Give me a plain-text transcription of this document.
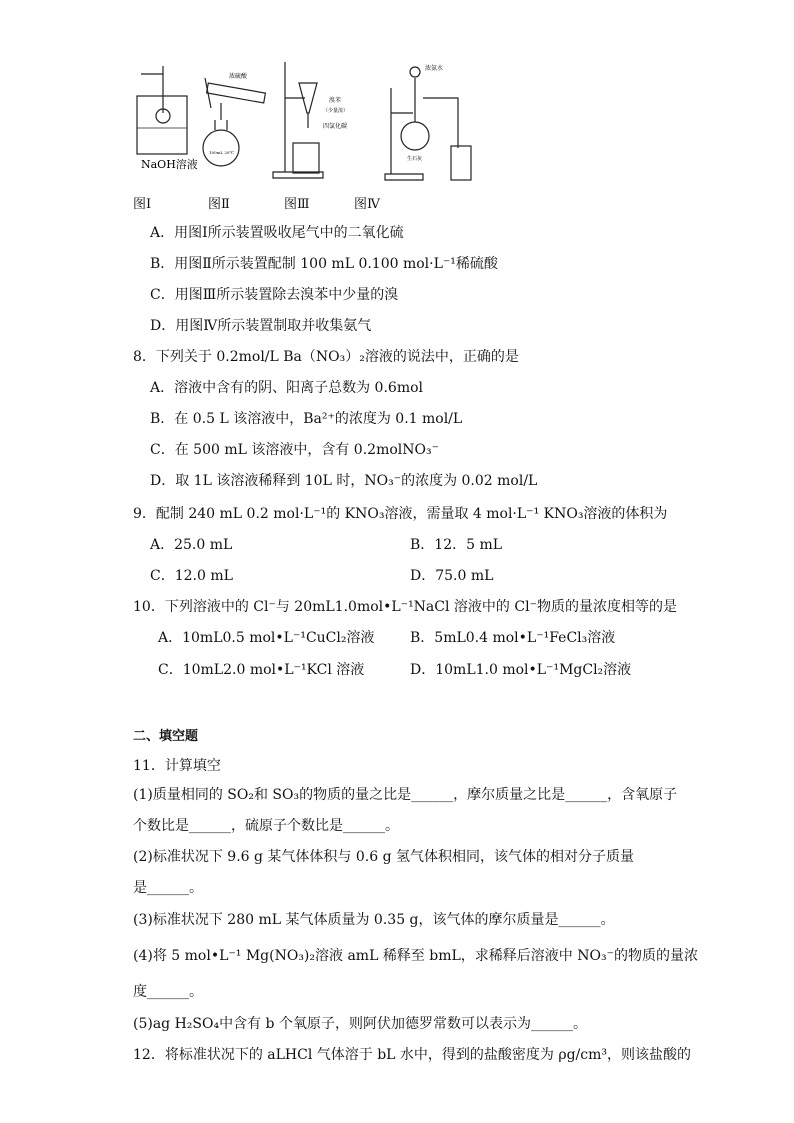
NaOH溶液
浓硫酸
100mL 20℃
溴苯
（少量溴）
四氯化碳
浓氨水
生石灰
图Ⅰ	图Ⅱ	图Ⅲ	图Ⅳ
A．用图Ⅰ所示装置吸收尾气中的二氧化硫
B．用图Ⅱ所示装置配制 100 mL 0.100 mol·L⁻¹稀硫酸
C．用图Ⅲ所示装置除去溴苯中少量的溴
D．用图Ⅳ所示装置制取并收集氨气
8．下列关于 0.2mol/L Ba（NO₃）₂溶液的说法中，正确的是
A．溶液中含有的阴、阳离子总数为 0.6mol
B．在 0.5 L 该溶液中，Ba²⁺的浓度为 0.1 mol/L
C．在 500 mL 该溶液中，含有 0.2molNO₃⁻
D．取 1L 该溶液稀释到 10L 时，NO₃⁻的浓度为 0.02 mol/L
9．配制 240 mL 0.2 mol·L⁻¹的 KNO₃溶液，需量取 4 mol·L⁻¹ KNO₃溶液的体积为
A．25.0 mL	B．12．5 mL
C．12.0 mL	D．75.0 mL
10．下列溶液中的 Cl⁻与 20mL1.0mol•L⁻¹NaCl 溶液中的 Cl⁻物质的量浓度相等的是
A．10mL0.5 mol•L⁻¹CuCl₂溶液	B．5mL0.4 mol•L⁻¹FeCl₃溶液
C．10mL2.0 mol•L⁻¹KCl 溶液	D．10mL1.0 mol•L⁻¹MgCl₂溶液
二、填空题
11．计算填空
(1)质量相同的 SO₂和 SO₃的物质的量之比是______，摩尔质量之比是______，含氧原子
个数比是______，硫原子个数比是______。
(2)标准状况下 9.6 g 某气体体积与 0.6 g 氢气体积相同，该气体的相对分子质量
是______。
(3)标准状况下 280 mL 某气体质量为 0.35 g，该气体的摩尔质量是______。
(4)将 5 mol•L⁻¹ Mg(NO₃)₂溶液 amL 稀释至 bmL，求稀释后溶液中 NO₃⁻的物质的量浓
度______。
(5)ag H₂SO₄中含有 b 个氧原子，则阿伏加德罗常数可以表示为______。
12．将标准状况下的 aLHCl 气体溶于 bL 水中，得到的盐酸密度为 ρg/cm³，则该盐酸的
